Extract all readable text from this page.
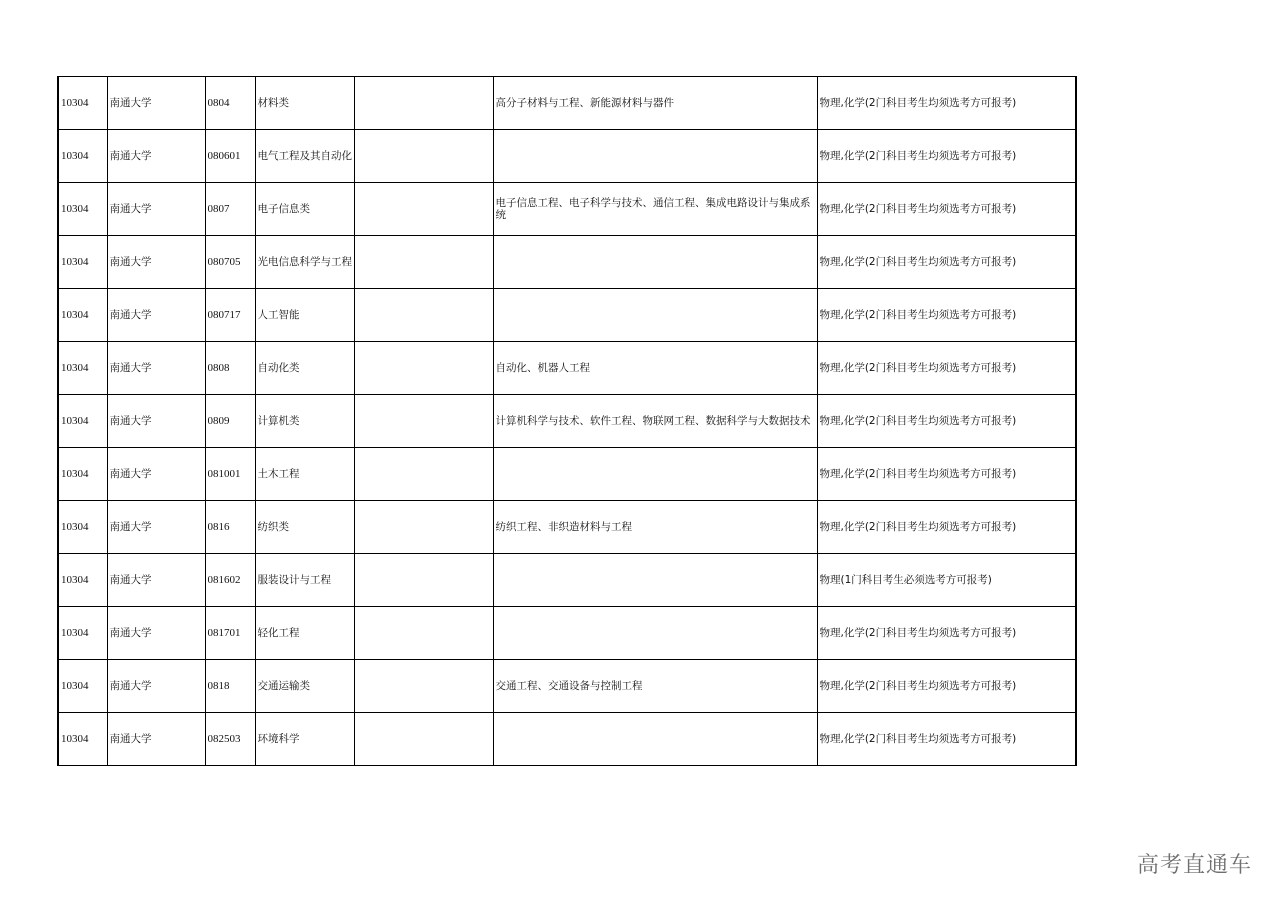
10304	南通大学	0804	材料类		高分子材料与工程、新能源材料与器件	物理,化学(2门科目考生均须选考方可报考)
10304	南通大学	080601	电气工程及其自动化			物理,化学(2门科目考生均须选考方可报考)
10304	南通大学	0807	电子信息类		电子信息工程、电子科学与技术、通信工程、集成电路设计与集成系统	物理,化学(2门科目考生均须选考方可报考)
10304	南通大学	080705	光电信息科学与工程			物理,化学(2门科目考生均须选考方可报考)
10304	南通大学	080717	人工智能			物理,化学(2门科目考生均须选考方可报考)
10304	南通大学	0808	自动化类		自动化、机器人工程	物理,化学(2门科目考生均须选考方可报考)
10304	南通大学	0809	计算机类		计算机科学与技术、软件工程、物联网工程、数据科学与大数据技术	物理,化学(2门科目考生均须选考方可报考)
10304	南通大学	081001	土木工程			物理,化学(2门科目考生均须选考方可报考)
10304	南通大学	0816	纺织类		纺织工程、非织造材料与工程	物理,化学(2门科目考生均须选考方可报考)
10304	南通大学	081602	服装设计与工程			物理(1门科目考生必须选考方可报考)
10304	南通大学	081701	轻化工程			物理,化学(2门科目考生均须选考方可报考)
10304	南通大学	0818	交通运输类		交通工程、交通设备与控制工程	物理,化学(2门科目考生均须选考方可报考)
10304	南通大学	082503	环境科学			物理,化学(2门科目考生均须选考方可报考)
高考直通车
